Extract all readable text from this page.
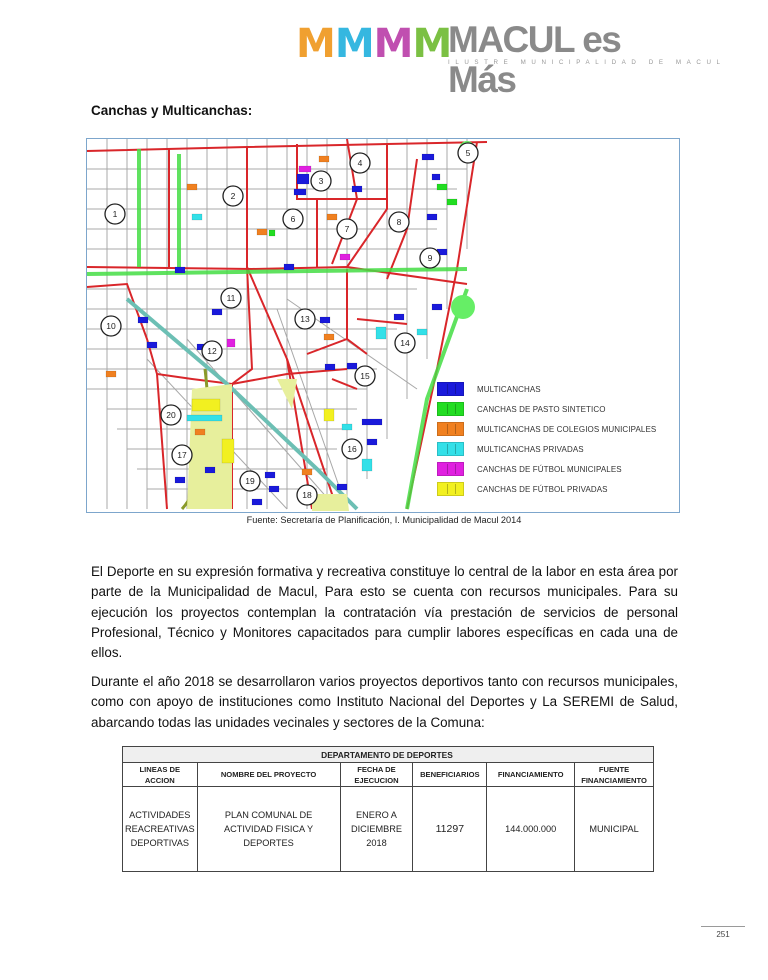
M M M M
MACUL es Más
ILUSTRE MUNICIPALIDAD DE MACUL
Canchas y Multicanchas:
1
2
3
4
6
7
8
9
10
11
12
13
14
15
16
17
18
19
20
5
MULTICANCHAS
CANCHAS DE PASTO SINTETICO
MULTICANCHAS DE COLEGIOS MUNICIPALES
MULTICANCHAS PRIVADAS
CANCHAS DE FÚTBOL MUNICIPALES
CANCHAS DE FÚTBOL PRIVADAS
Fuente: Secretaría de Planificación, I. Municipalidad de Macul 2014
El Deporte en su expresión formativa y recreativa constituye lo central de la labor en esta área por parte de la Municipalidad de Macul, Para esto se cuenta con recursos municipales. Para su ejecución los proyectos contemplan la contratación vía prestación de servicios de personal Profesional, Técnico y Monitores capacitados para cumplir labores específicas en cada una de ellos.
Durante el año 2018 se desarrollaron varios proyectos deportivos tanto con recursos municipales, como con apoyo de instituciones como Instituto Nacional del Deportes y La SEREMI de Salud, abarcando todas las unidades vecinales y sectores de la Comuna:
DEPARTAMENTO DE DEPORTES					
LINEAS DE ACCION	NOMBRE DEL PROYECTO	FECHA DE EJECUCION	BENEFICIARIOS	FINANCIAMIENTO	FUENTE FINANCIAMIENTO
ACTIVIDADES REACREATIVAS DEPORTIVAS	PLAN COMUNAL DE ACTIVIDAD FISICA Y DEPORTES	ENERO A DICIEMBRE 2018	11297	144.000.000	MUNICIPAL
251
